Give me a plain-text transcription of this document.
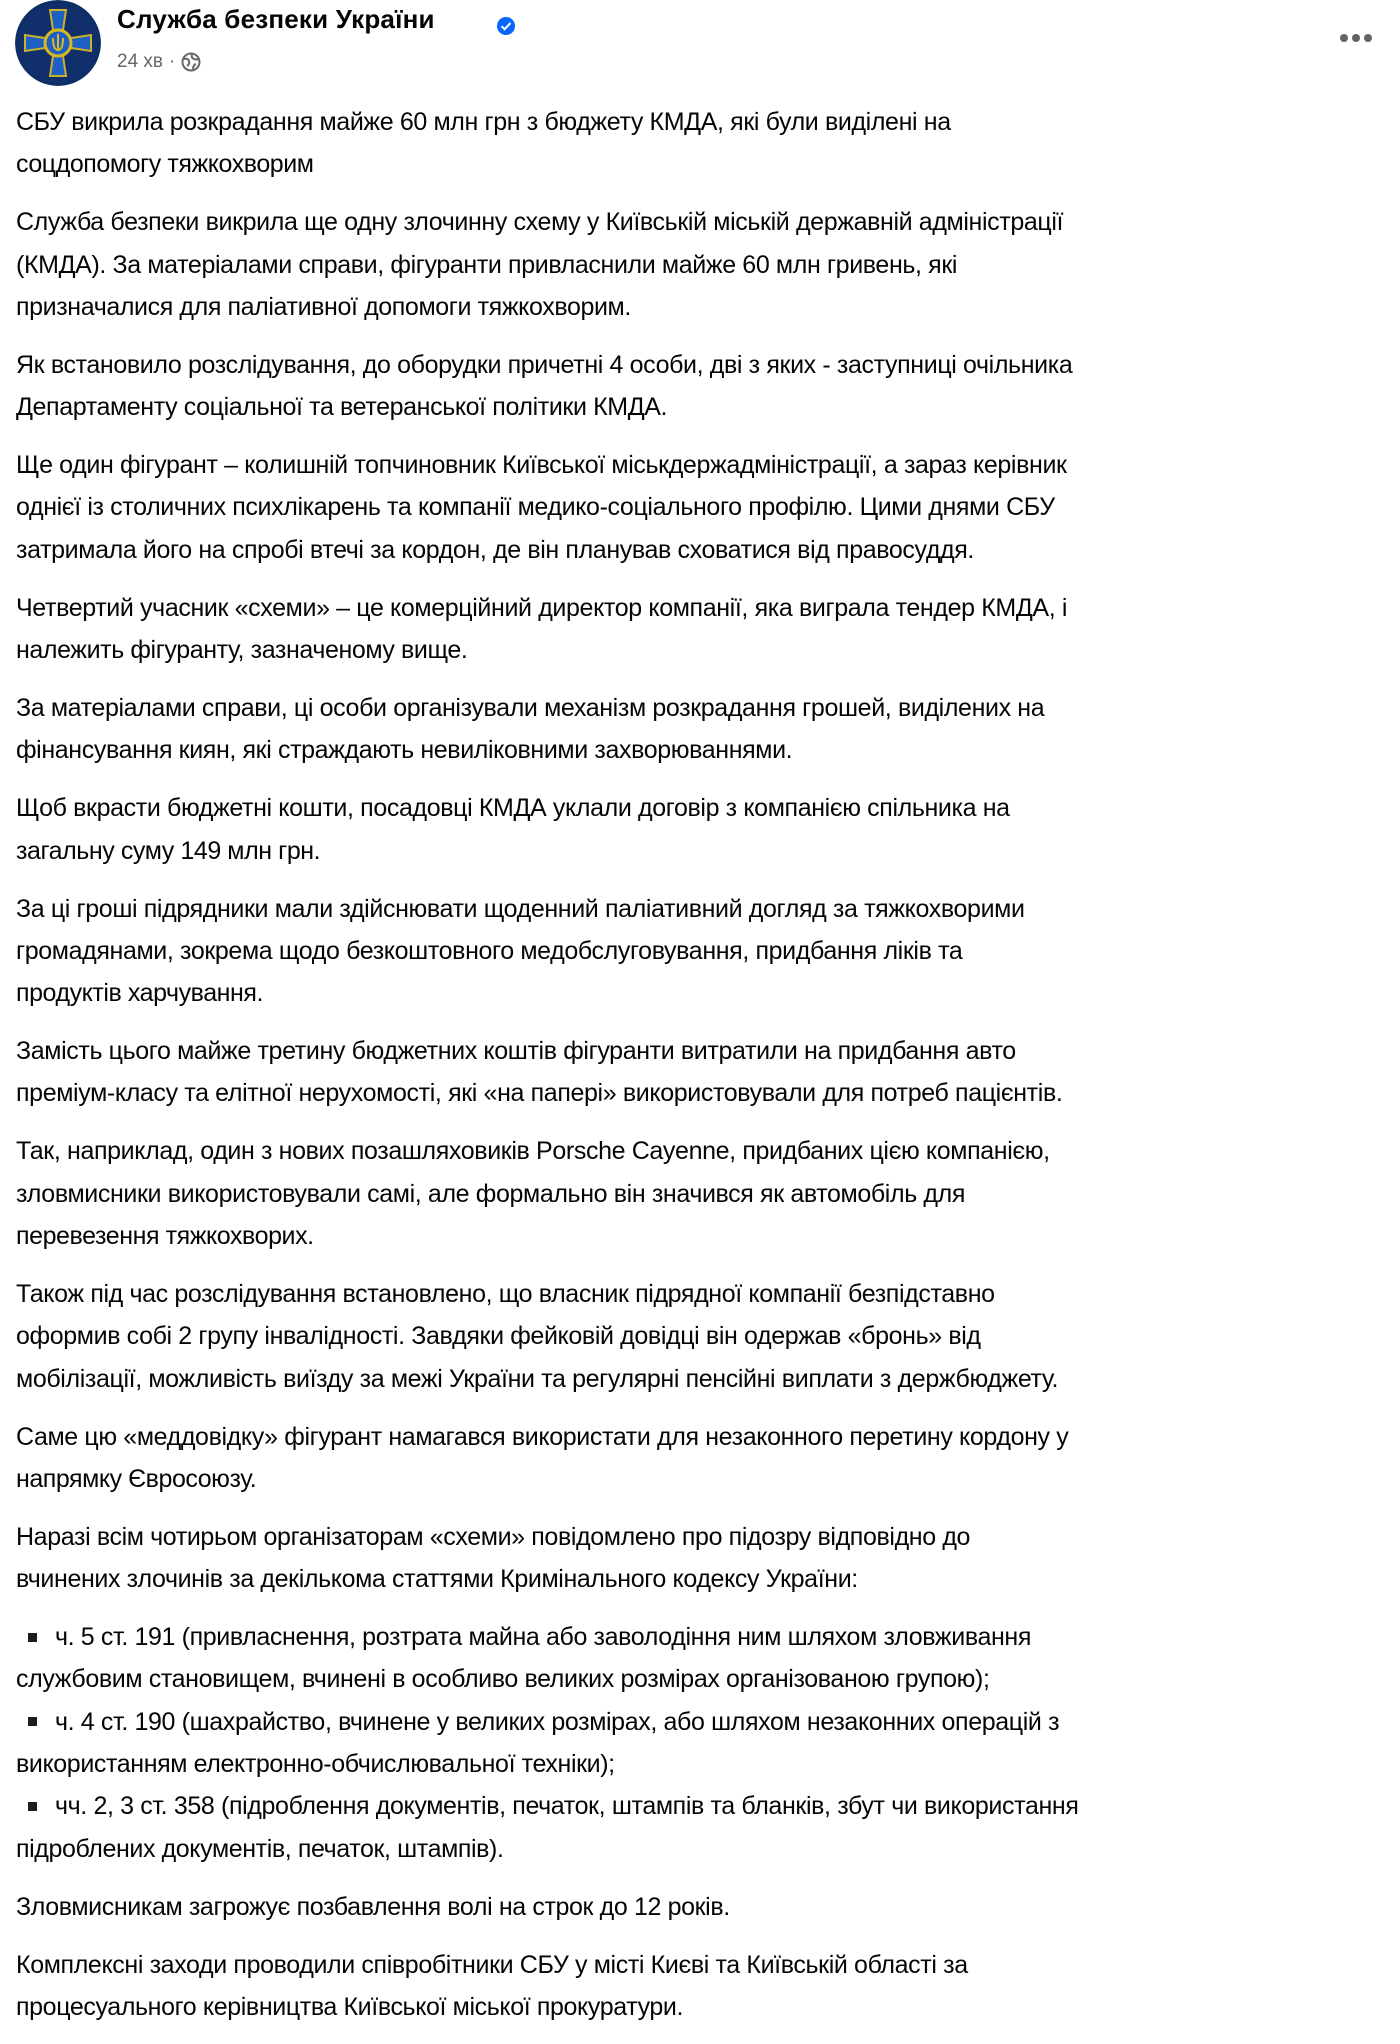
Служба безпеки України
24 хв ·

СБУ викрила розкрадання майже 60 млн грн з бюджету КМДА, які були виділені на
соцдопомогу тяжкохворим

Служба безпеки викрила ще одну злочинну схему у Київській міській державній адміністрації
(КМДА). За матеріалами справи, фігуранти привласнили майже 60 млн гривень, які
призначалися для паліативної допомоги тяжкохворим.

Як встановило розслідування, до оборудки причетні 4 особи, дві з яких - заступниці очільника
Департаменту соціальної та ветеранської політики КМДА.

Ще один фігурант – колишній топчиновник Київської міськдержадміністрації, а зараз керівник
однієї із столичних психлікарень та компанії медико-соціального профілю. Цими днями СБУ
затримала його на спробі втечі за кордон, де він планував сховатися від правосуддя.

Четвертий учасник «схеми» – це комерційний директор компанії, яка виграла тендер КМДА, і
належить фігуранту, зазначеному вище.

За матеріалами справи, ці особи організували механізм розкрадання грошей, виділених на
фінансування киян, які страждають невиліковними захворюваннями.

Щоб вкрасти бюджетні кошти, посадовці КМДА уклали договір з компанією спільника на
загальну суму 149 млн грн.

За ці гроші підрядники мали здійснювати щоденний паліативний догляд за тяжкохворими
громадянами, зокрема щодо безкоштовного медобслуговування, придбання ліків та
продуктів харчування.

Замість цього майже третину бюджетних коштів фігуранти витратили на придбання авто
преміум-класу та елітної нерухомості, які «на папері» використовували для потреб пацієнтів.

Так, наприклад, один з нових позашляховиків Porsche Cayenne, придбаних цією компанією,
зловмисники використовували самі, але формально він значився як автомобіль для
перевезення тяжкохворих.

Також під час розслідування встановлено, що власник підрядної компанії безпідставно
оформив собі 2 групу інвалідності. Завдяки фейковій довідці він одержав «бронь» від
мобілізації, можливість виїзду за межі України та регулярні пенсійні виплати з держбюджету.

Саме цю «меддовідку» фігурант намагався використати для незаконного перетину кордону у
напрямку Євросоюзу.

Наразі всім чотирьом організаторам «схеми» повідомлено про підозру відповідно до
вчинених злочинів за декількома статтями Кримінального кодексу України:

ч. 5 ст. 191 (привласнення, розтрата майна або заволодіння ним шляхом зловживання
службовим становищем, вчинені в особливо великих розмірах організованою групою);
ч. 4 ст. 190 (шахрайство, вчинене у великих розмірах, або шляхом незаконних операцій з
використанням електронно-обчислювальної техніки);
чч. 2, 3 ст. 358 (підроблення документів, печаток, штампів та бланків, збут чи використання
підроблених документів, печаток, штампів).

Зловмисникам загрожує позбавлення волі на строк до 12 років.

Комплексні заходи проводили співробітники СБУ у місті Києві та Київській області за
процесуального керівництва Київської міської прокуратури.
